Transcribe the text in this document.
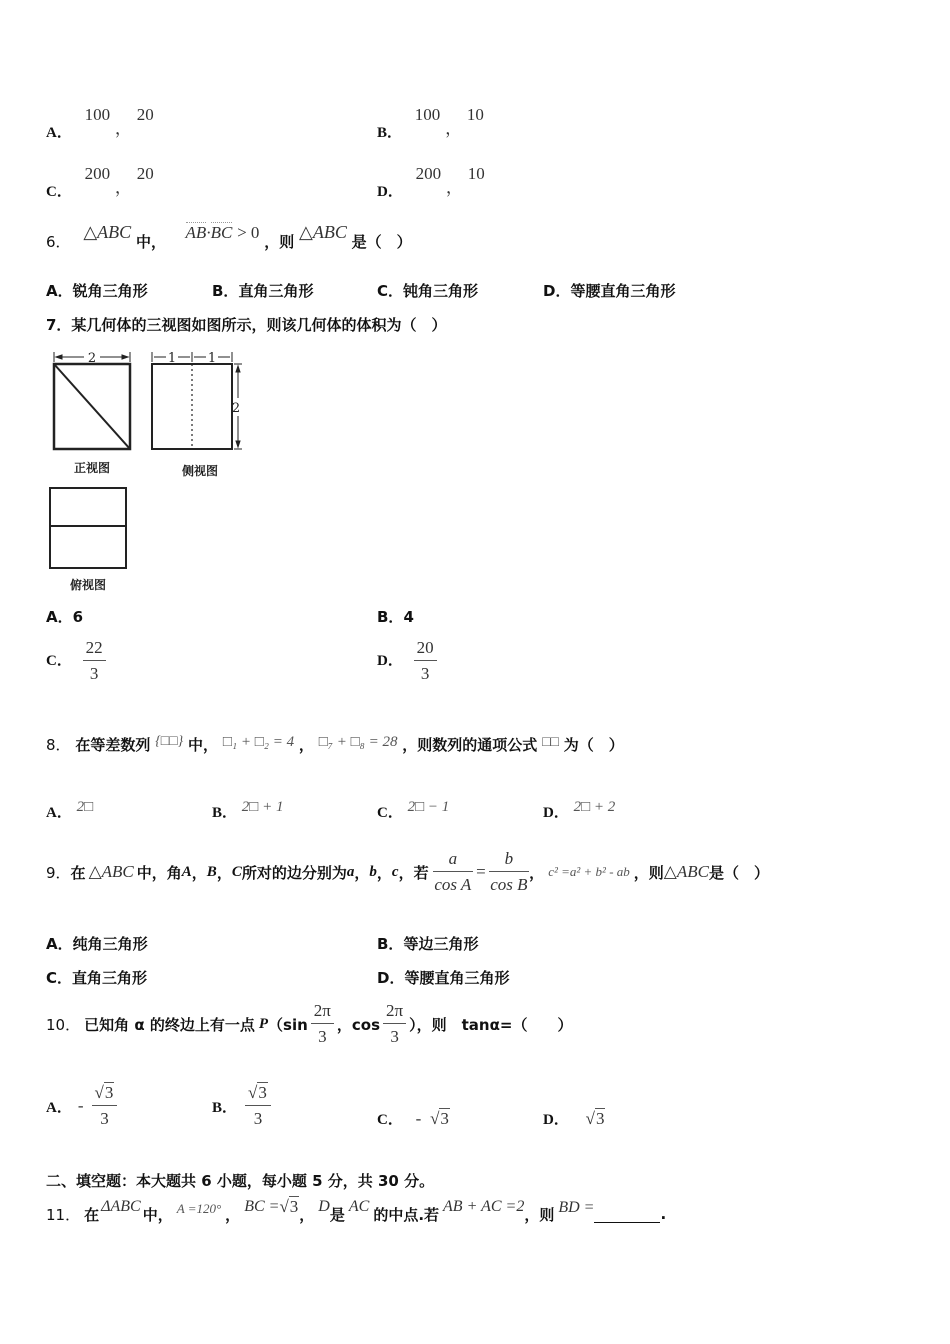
A． 100 ， 20
B． 100 ， 10
C． 200 ， 20
D． 200 ， 10
6． △ABC 中， AB·BC > 0 ，则 △ABC 是（　）
A．锐角三角形	B．直角三角形	C．钝角三角形	D．等腰直角三角形
7．某几何体的三视图如图所示，则该几何体的体积为（　）
2
正视图
1 1
2
侧视图
俯视图
A．6	B．4
C． $\frac{22}{3}$	D． $\frac{20}{3}$
8． 在等差数列 {□□} 中， □₁ + □₂ = 4 ， □₇ + □₈ = 28 ，则数列的通项公式 □□ 为（　）
A． 2□	B． 2□ + 1	C． 2□ − 1	D． 2□ + 2
9． 在 △ABC 中，角 A ， B ， C 所对的边分别为 a ， b ， c ，若 $\frac{a}{\text{cos A}} = \frac{b}{\text{cos B}}$ ， c² =a² + b² - ab ，则 △ABC 是（　）
A．纯角三角形	B．等边三角形
C．直角三角形	D．等腰直角三角形
10． 已知角 α 的终边上有一点 P （$\sin \frac{2\pi}{3}$ ，$\cos \frac{2\pi}{3}$ ），则　tanα=（　　）
A． - $\frac{√3}{3}$	B． $\frac{√3}{3}$	C． - √3	D． √3
二、填空题：本大题共 6 小题，每小题 5 分，共 30 分。
11． 在 ΔABC 中， A =120° ， BC = √3 ， D 是 AC 的中点.若 AB + AC =2 ，则 BD =	.
